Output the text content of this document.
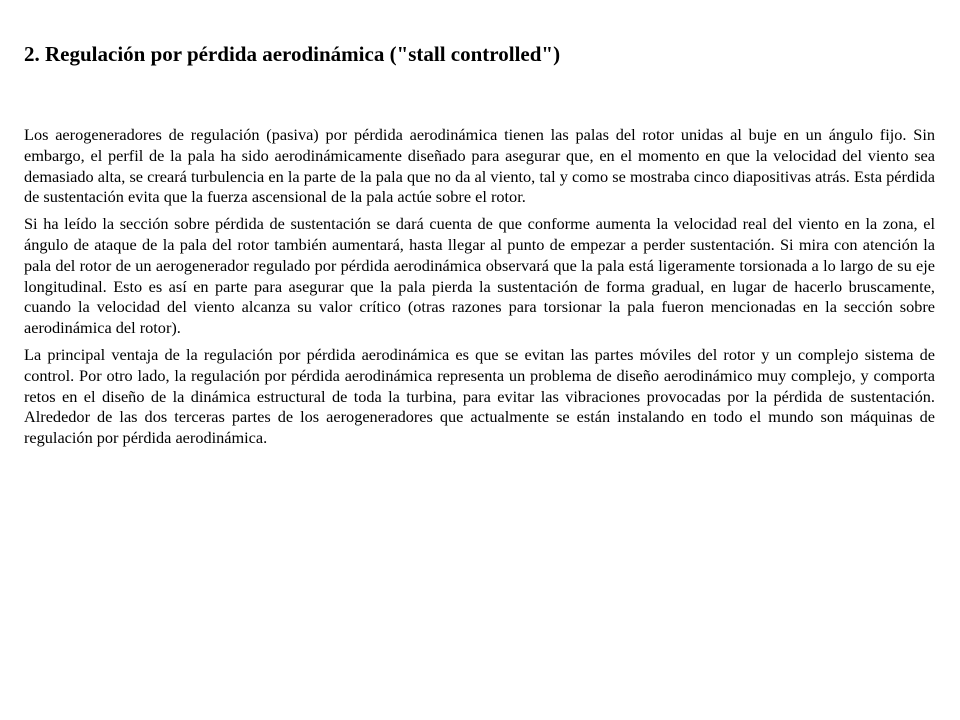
2. Regulación por pérdida aerodinámica ("stall controlled")

Los aerogeneradores de regulación (pasiva) por pérdida aerodinámica tienen las palas del rotor unidas al buje en un ángulo fijo. Sin embargo, el perfil de la pala ha sido aerodinámicamente diseñado para asegurar que, en el momento en que la velocidad del viento sea demasiado alta, se creará turbulencia en la parte de la pala que no da al viento, tal y como se mostraba cinco diapositivas atrás. Esta pérdida de sustentación evita que la fuerza ascensional de la pala actúe sobre el rotor.

Si ha leído la sección sobre pérdida de sustentación se dará cuenta de que conforme aumenta la velocidad real del viento en la zona, el ángulo de ataque de la pala del rotor también aumentará, hasta llegar al punto de empezar a perder sustentación. Si mira con atención la pala del rotor de un aerogenerador regulado por pérdida aerodinámica observará que la pala está ligeramente torsionada a lo largo de su eje longitudinal. Esto es así en parte para asegurar que la pala pierda la sustentación de forma gradual, en lugar de hacerlo bruscamente, cuando la velocidad del viento alcanza su valor crítico (otras razones para torsionar la pala fueron mencionadas en la sección sobre aerodinámica del rotor).

La principal ventaja de la regulación por pérdida aerodinámica es que se evitan las partes móviles del rotor y un complejo sistema de control. Por otro lado, la regulación por pérdida aerodinámica representa un problema de diseño aerodinámico muy complejo, y comporta retos en el diseño de la dinámica estructural de toda la turbina, para evitar las vibraciones provocadas por la pérdida de sustentación. Alrededor de las dos terceras partes de los aerogeneradores que actualmente se están instalando en todo el mundo son máquinas de regulación por pérdida aerodinámica.
